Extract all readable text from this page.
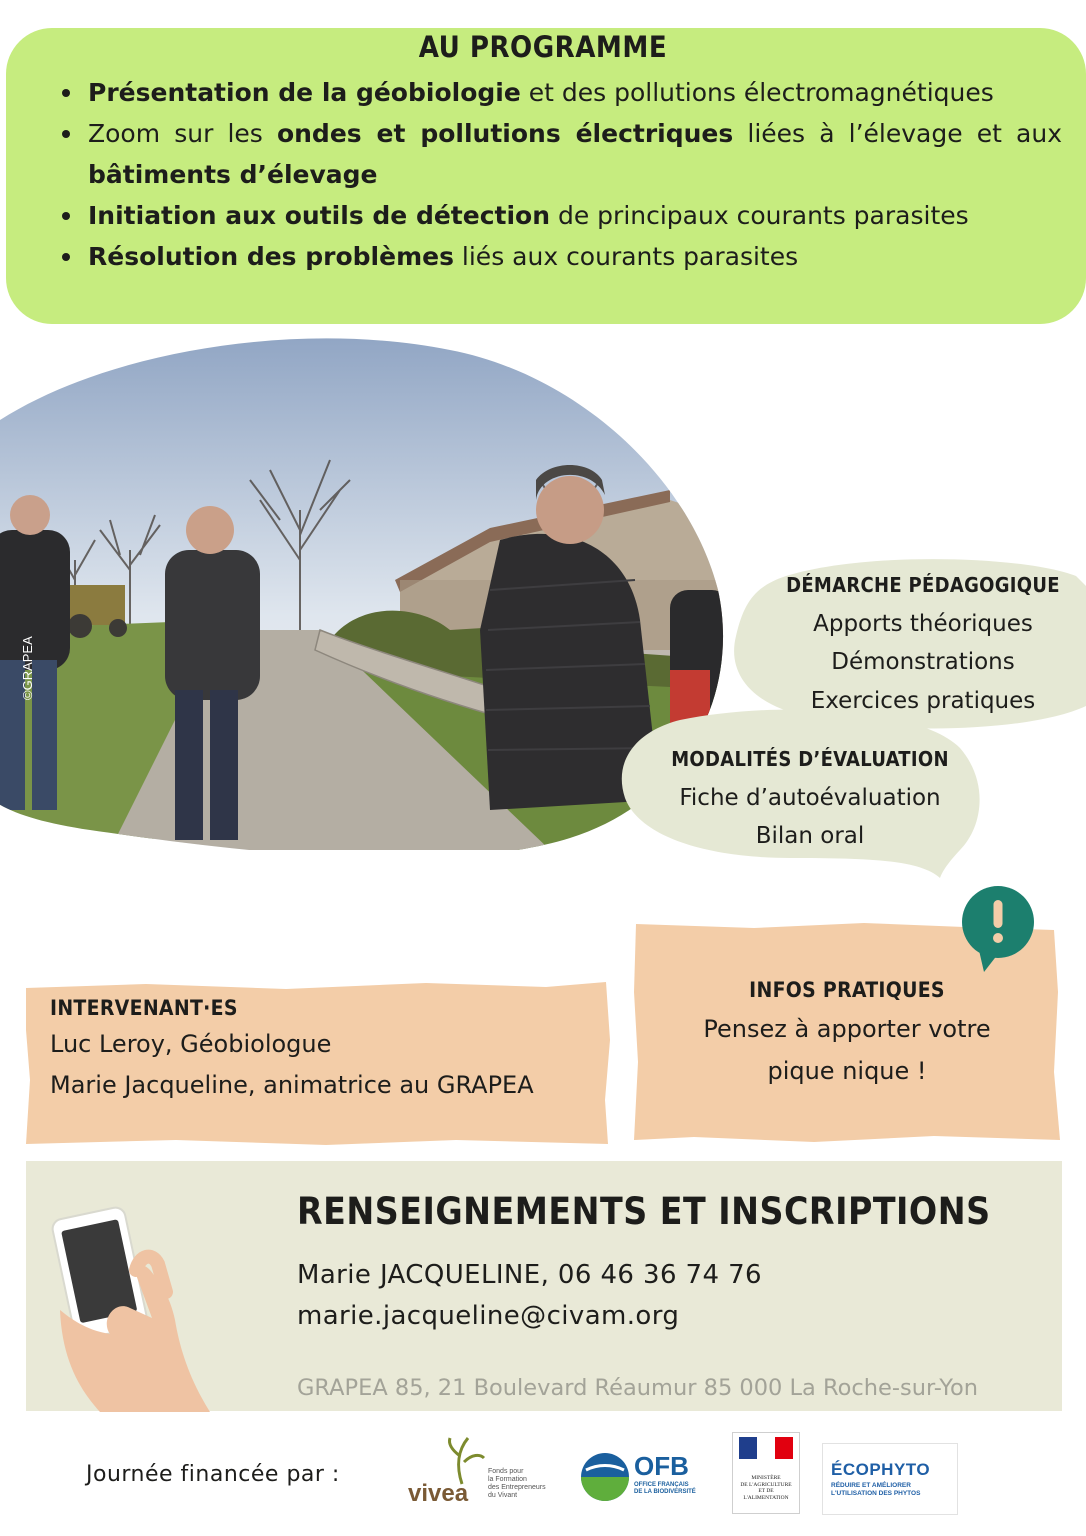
AU PROGRAMME
Présentation de la géobiologie et des pollutions électromagnétiques
Zoom sur les ondes et pollutions électriques liées à l’élevage et aux bâtiments d’élevage
Initiation aux outils de détection de principaux courants parasites
Résolution des problèmes liés aux courants parasites
©GRAPEA
DÉMARCHE PÉDAGOGIQUE
Apports théoriques
Démonstrations
Exercices pratiques
MODALITÉS D’ÉVALUATION
Fiche d’autoévaluation
Bilan oral
INTERVENANT·ES
Luc Leroy, Géobiologue
Marie Jacqueline, animatrice au GRAPEA
INFOS PRATIQUES
Pensez à apporter votre
pique nique !
RENSEIGNEMENTS ET INSCRIPTIONS
Marie JACQUELINE, 06 46 36 74 76
marie.jacqueline@civam.org
GRAPEA 85, 21 Boulevard Réaumur 85 000 La Roche-sur-Yon
Journée financée par :
vivea
Fonds pour
la Formation
des Entrepreneurs
du Vivant
OFB
OFFICE FRANÇAIS
DE LA BIODIVERSITÉ
MINISTÈRE
DE L'AGRICULTURE
ET DE
L'ALIMENTATION
ÉCOPHYTO
RÉDUIRE ET AMÉLIORER
L'UTILISATION DES PHYTOS
